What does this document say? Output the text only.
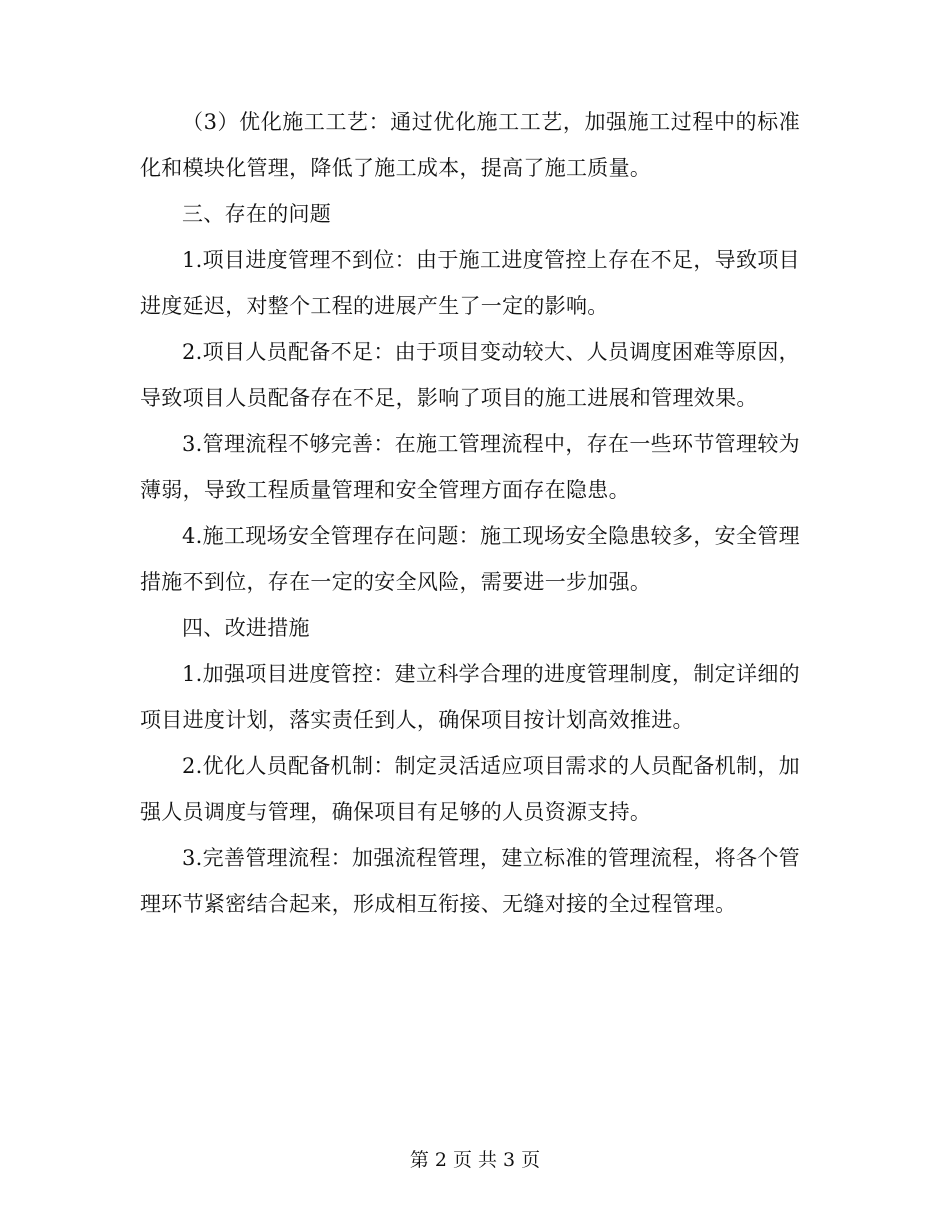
（3）优化施工工艺：通过优化施工工艺，加强施工过程中的标准化和模块化管理，降低了施工成本，提高了施工质量。

三、存在的问题

1.项目进度管理不到位：由于施工进度管控上存在不足，导致项目进度延迟，对整个工程的进展产生了一定的影响。

2.项目人员配备不足：由于项目变动较大、人员调度困难等原因，导致项目人员配备存在不足，影响了项目的施工进展和管理效果。

3.管理流程不够完善：在施工管理流程中，存在一些环节管理较为薄弱，导致工程质量管理和安全管理方面存在隐患。

4.施工现场安全管理存在问题：施工现场安全隐患较多，安全管理措施不到位，存在一定的安全风险，需要进一步加强。

四、改进措施

1.加强项目进度管控：建立科学合理的进度管理制度，制定详细的项目进度计划，落实责任到人，确保项目按计划高效推进。

2.优化人员配备机制：制定灵活适应项目需求的人员配备机制，加强人员调度与管理，确保项目有足够的人员资源支持。

3.完善管理流程：加强流程管理，建立标准的管理流程，将各个管理环节紧密结合起来，形成相互衔接、无缝对接的全过程管理。

第 2 页 共 3 页
